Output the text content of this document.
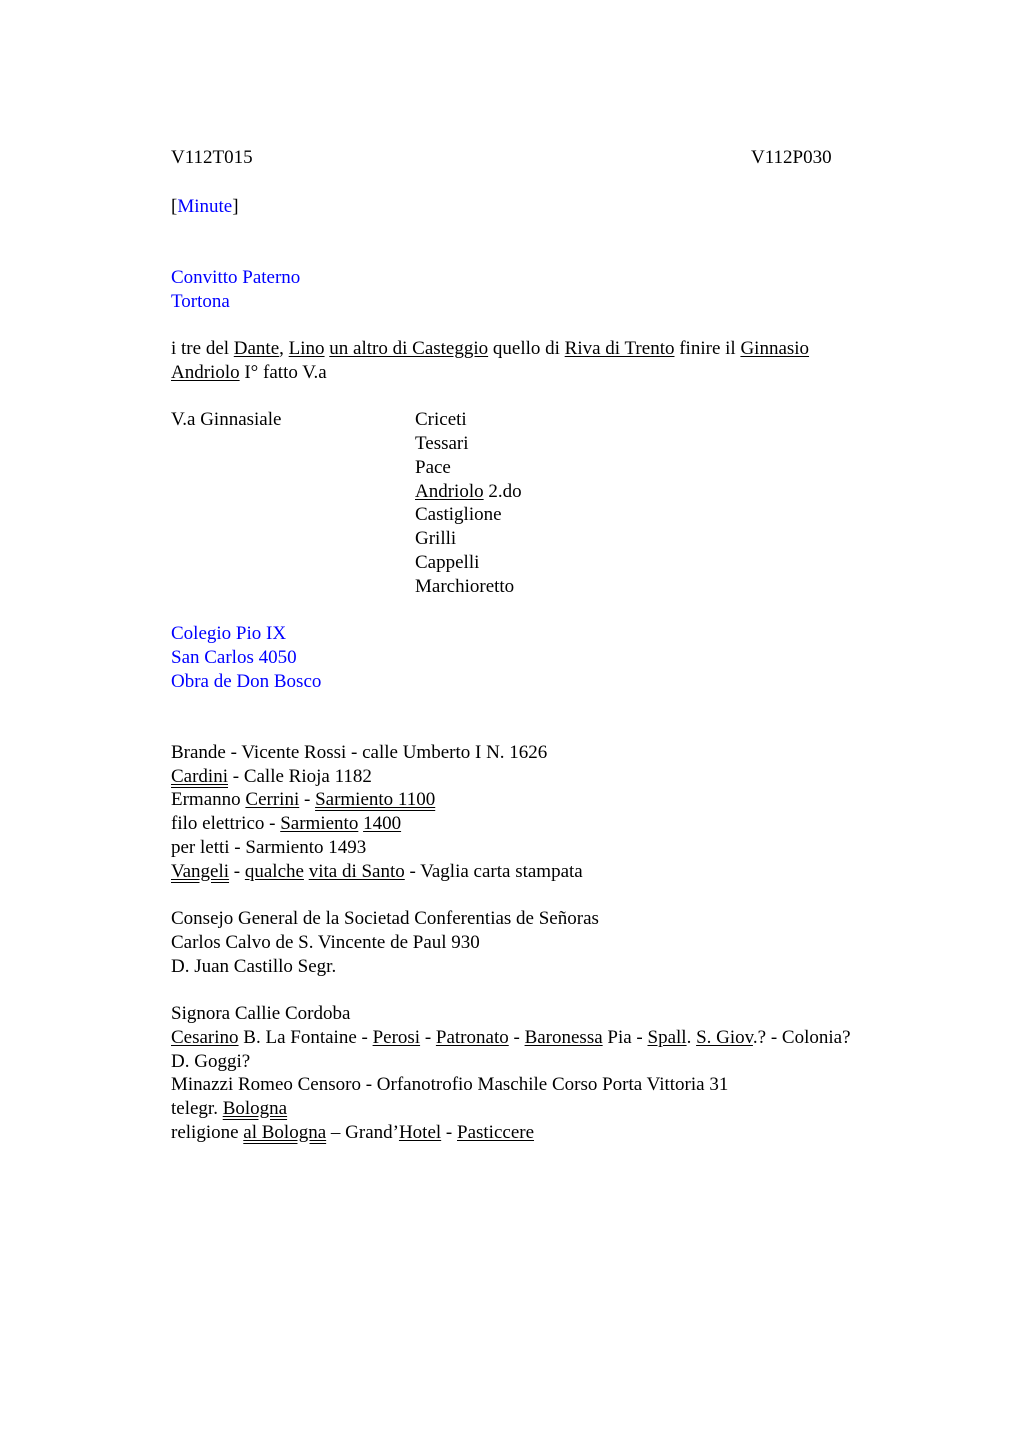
V112T015	V112P030
[Minute]
Convitto Paterno
Tortona
i tre del Dante, Lino un altro di Casteggio quello di Riva di Trento finire il Ginnasio
Andriolo I° fatto V.a
V.a Ginnasiale	Criceti
Tessari
Pace
Andriolo 2.do
Castiglione
Grilli
Cappelli
Marchioretto
Colegio Pio IX
San Carlos 4050
Obra de Don Bosco
Brande - Vicente Rossi - calle Umberto I N. 1626
Cardini - Calle Rioja 1182
Ermanno Cerrini - Sarmiento 1100
filo elettrico - Sarmiento 1400
per letti - Sarmiento 1493
Vangeli - qualche vita di Santo - Vaglia carta stampata
Consejo General de la Societad Conferentias de Señoras
Carlos Calvo de S. Vincente de Paul 930
D. Juan Castillo Segr.
Signora Callie Cordoba
Cesarino B. La Fontaine - Perosi - Patronato - Baronessa Pia - Spall. S. Giov.? - Colonia?
D. Goggi?
Minazzi Romeo Censoro - Orfanotrofio Maschile Corso Porta Vittoria 31
telegr. Bologna
religione al Bologna – Grand’Hotel - Pasticcere
